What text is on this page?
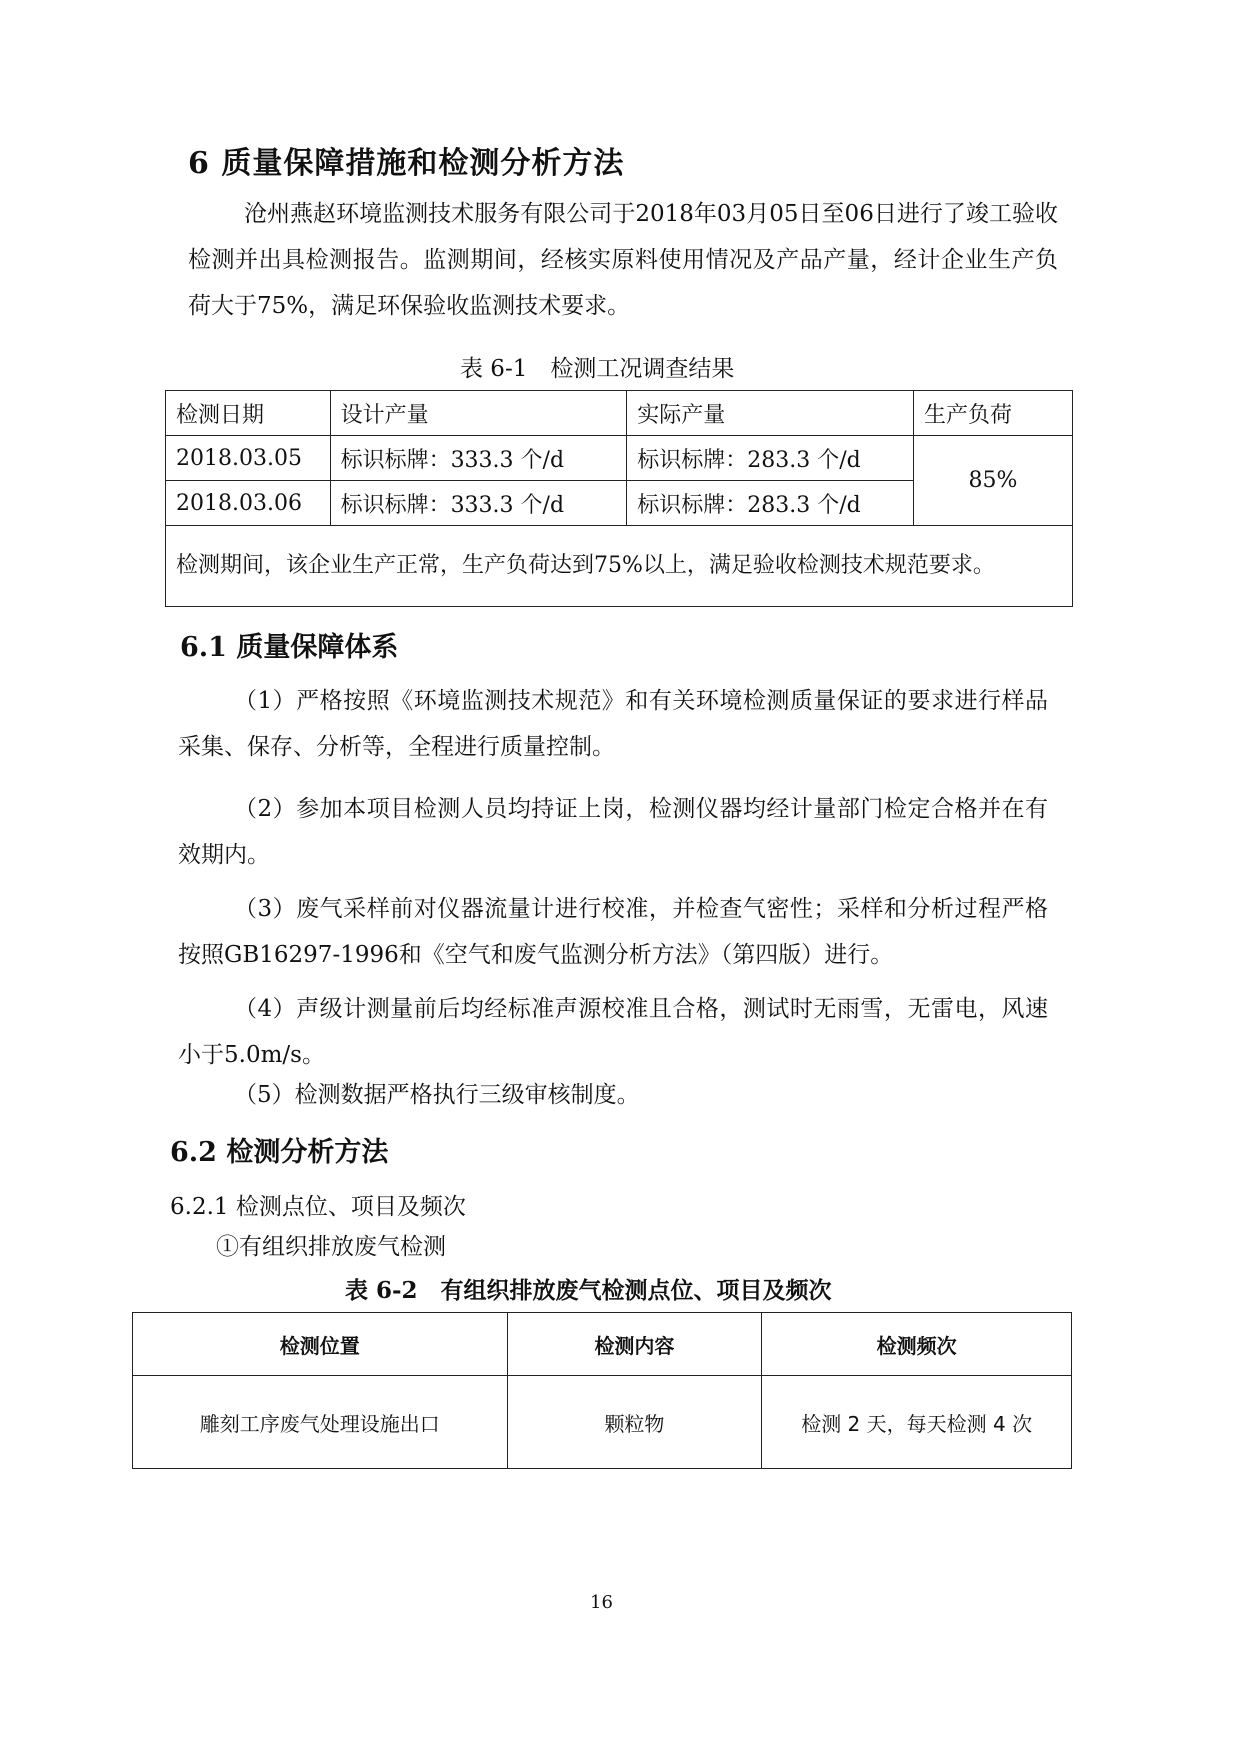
6 质量保障措施和检测分析方法
沧州燕赵环境监测技术服务有限公司于2018年03月05日至06日进行了竣工验收检测并出具检测报告。监测期间，经核实原料使用情况及产品产量，经计企业生产负荷大于75%，满足环保验收监测技术要求。
表 6-1　检测工况调查结果
检测日期	设计产量	实际产量	生产负荷
2018.03.05	标识标牌：333.3 个/d	标识标牌：283.3 个/d	85%
2018.03.06	标识标牌：333.3 个/d	标识标牌：283.3 个/d	
检测期间，该企业生产正常，生产负荷达到75%以上，满足验收检测技术规范要求。			
6.1 质量保障体系
（1）严格按照《环境监测技术规范》和有关环境检测质量保证的要求进行样品采集、保存、分析等，全程进行质量控制。
（2）参加本项目检测人员均持证上岗，检测仪器均经计量部门检定合格并在有效期内。
（3）废气采样前对仪器流量计进行校准，并检查气密性；采样和分析过程严格按照GB16297-1996和《空气和废气监测分析方法》（第四版）进行。
（4）声级计测量前后均经标准声源校准且合格，测试时无雨雪，无雷电，风速小于5.0m/s。
（5）检测数据严格执行三级审核制度。
6.2 检测分析方法
6.2.1 检测点位、项目及频次
①有组织排放废气检测
表 6-2　有组织排放废气检测点位、项目及频次
检测位置	检测内容	检测频次
雕刻工序废气处理设施出口	颗粒物	检测 2 天，每天检测 4 次
16
